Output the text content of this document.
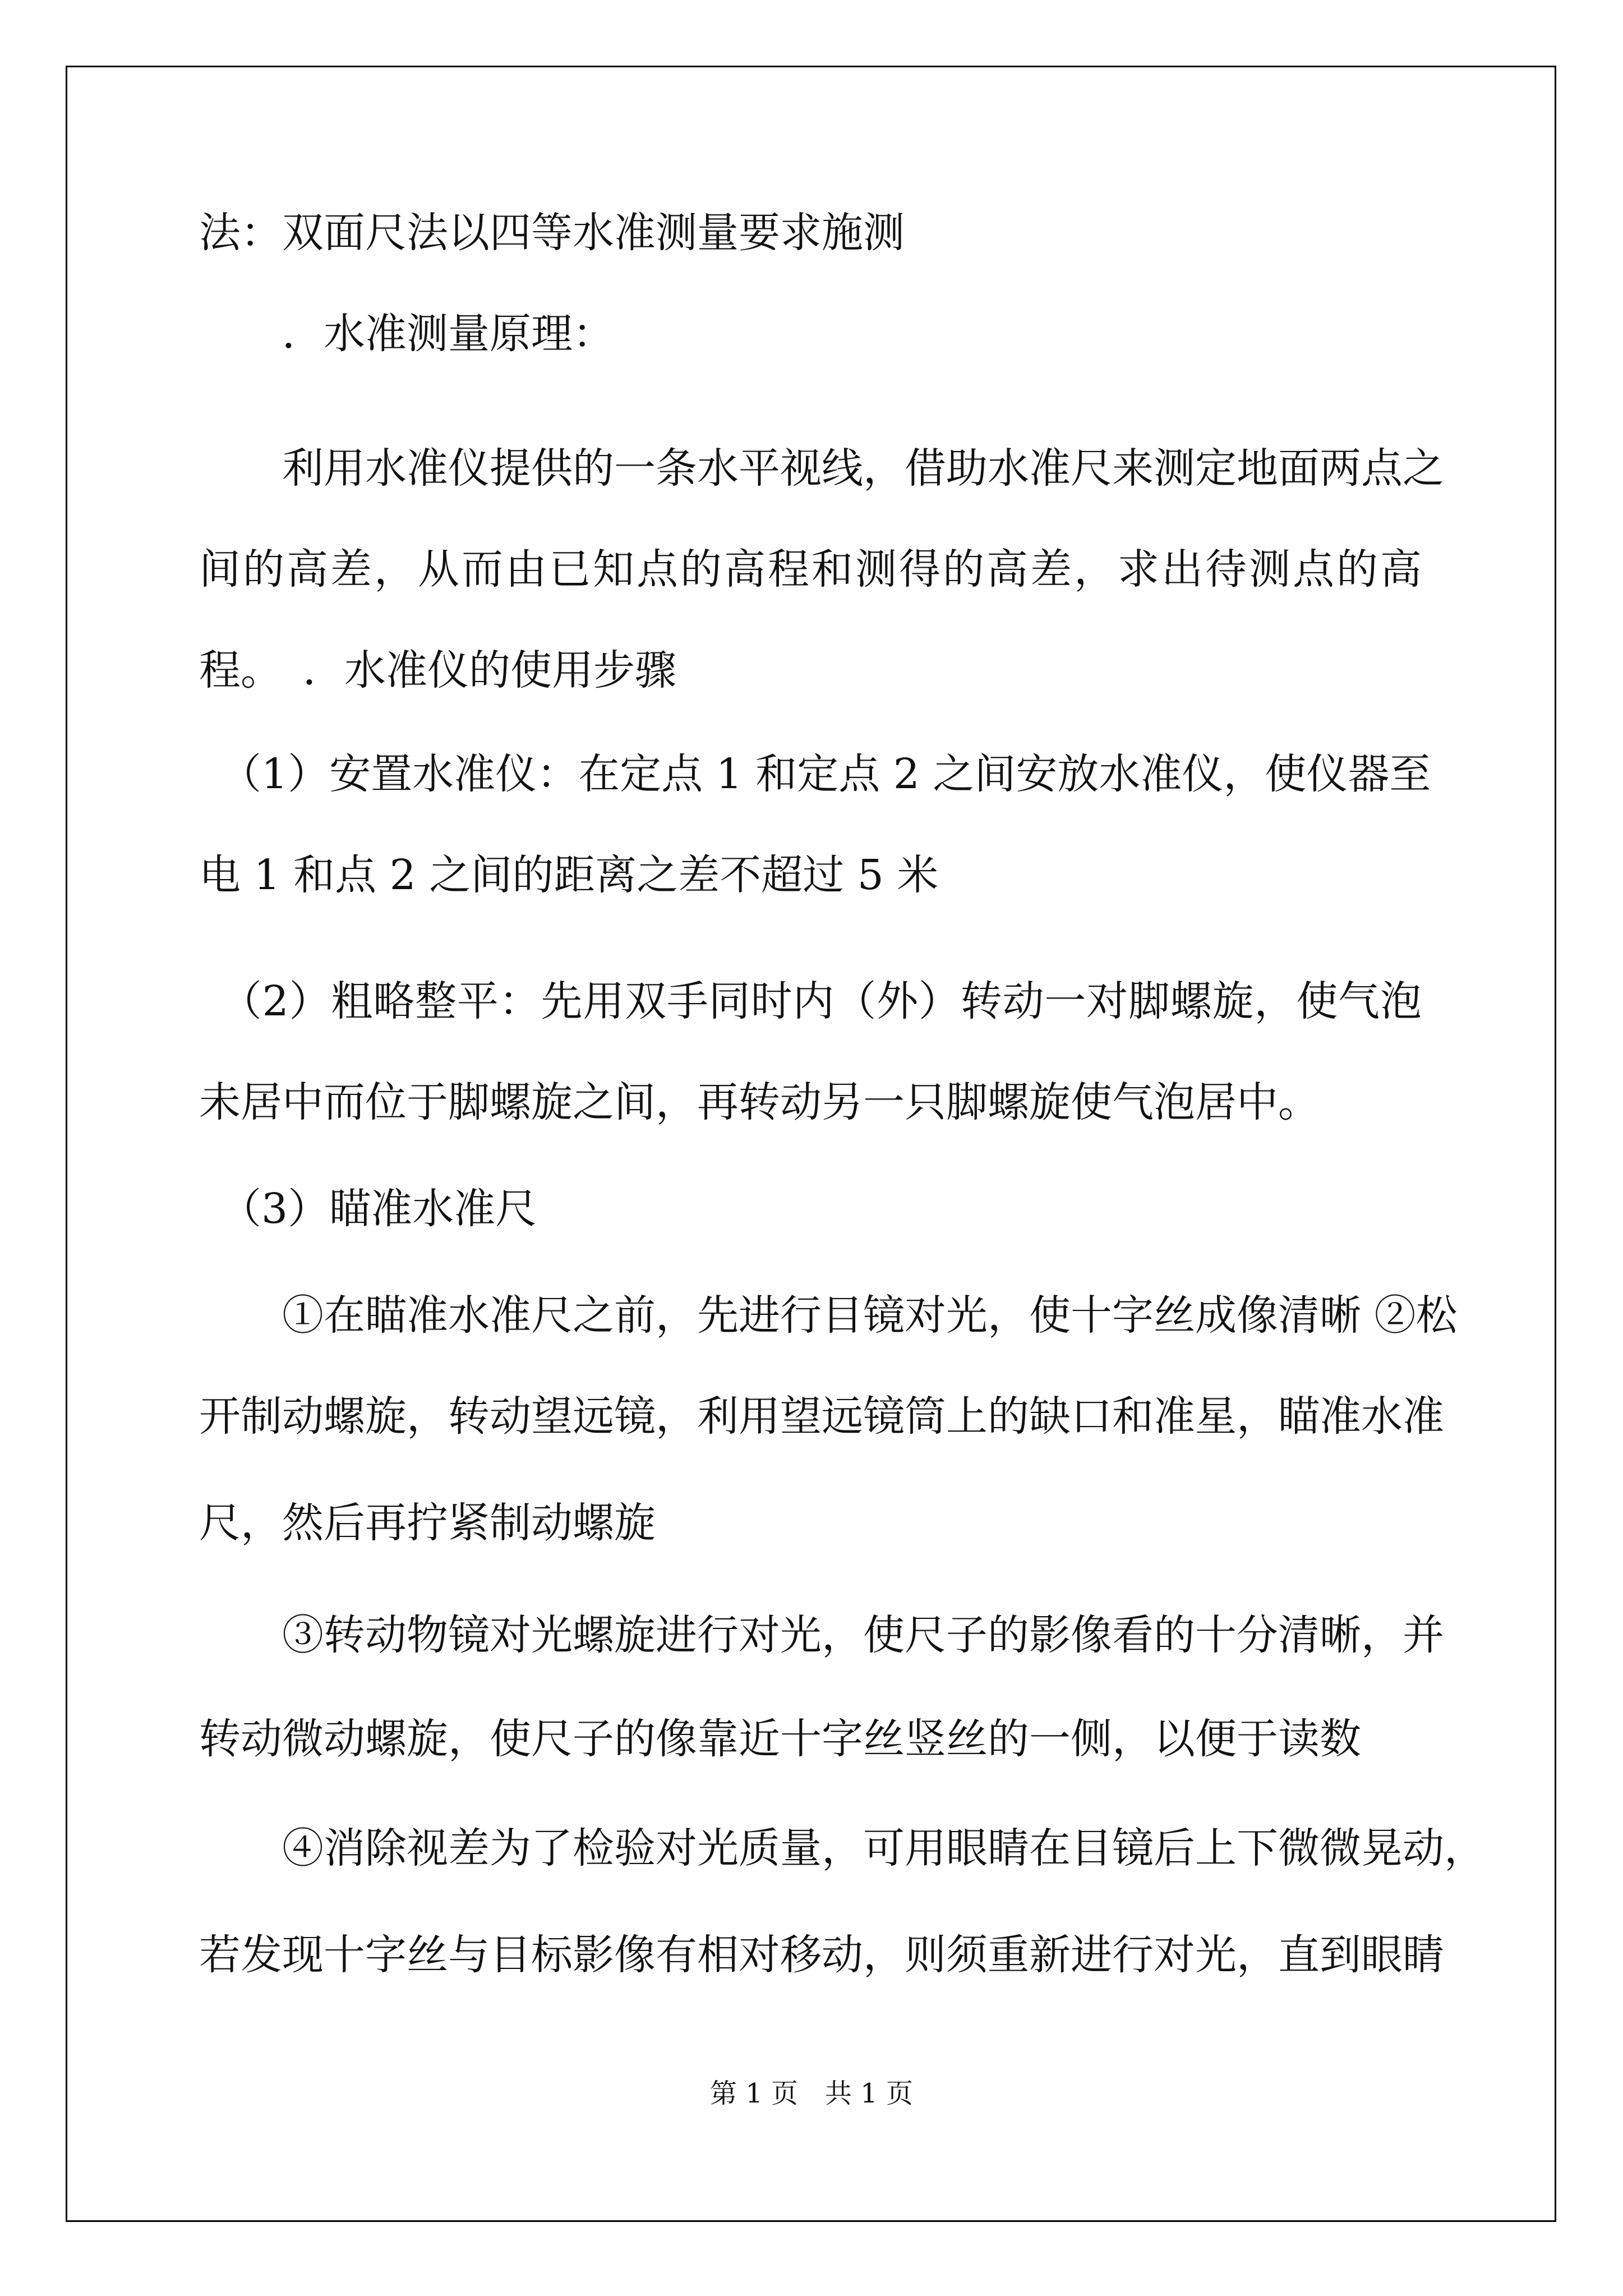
法：双面尺法以四等水准测量要求施测

　　．水准测量原理：

　　利用水准仪提供的一条水平视线，借助水准尺来测定地面两点之

间的高差，从而由已知点的高程和测得的高差，求出待测点的高

程。　．水准仪的使用步骤

　（1）安置水准仪：在定点 1 和定点 2 之间安放水准仪，使仪器至

电 1 和点 2 之间的距离之差不超过 5 米

　（2）粗略整平：先用双手同时内（外）转动一对脚螺旋，使气泡

未居中而位于脚螺旋之间，再转动另一只脚螺旋使气泡居中。

　（3）瞄准水准尺

　　①在瞄准水准尺之前，先进行目镜对光，使十字丝成像清晰 ②松

开制动螺旋，转动望远镜，利用望远镜筒上的缺口和准星，瞄准水准

尺，然后再拧紧制动螺旋

　　③转动物镜对光螺旋进行对光，使尺子的影像看的十分清晰，并

转动微动螺旋，使尺子的像靠近十字丝竖丝的一侧，以便于读数

　　④消除视差为了检验对光质量，可用眼睛在目镜后上下微微晃动，

若发现十字丝与目标影像有相对移动，则须重新进行对光，直到眼睛

第 1 页　共 1 页
